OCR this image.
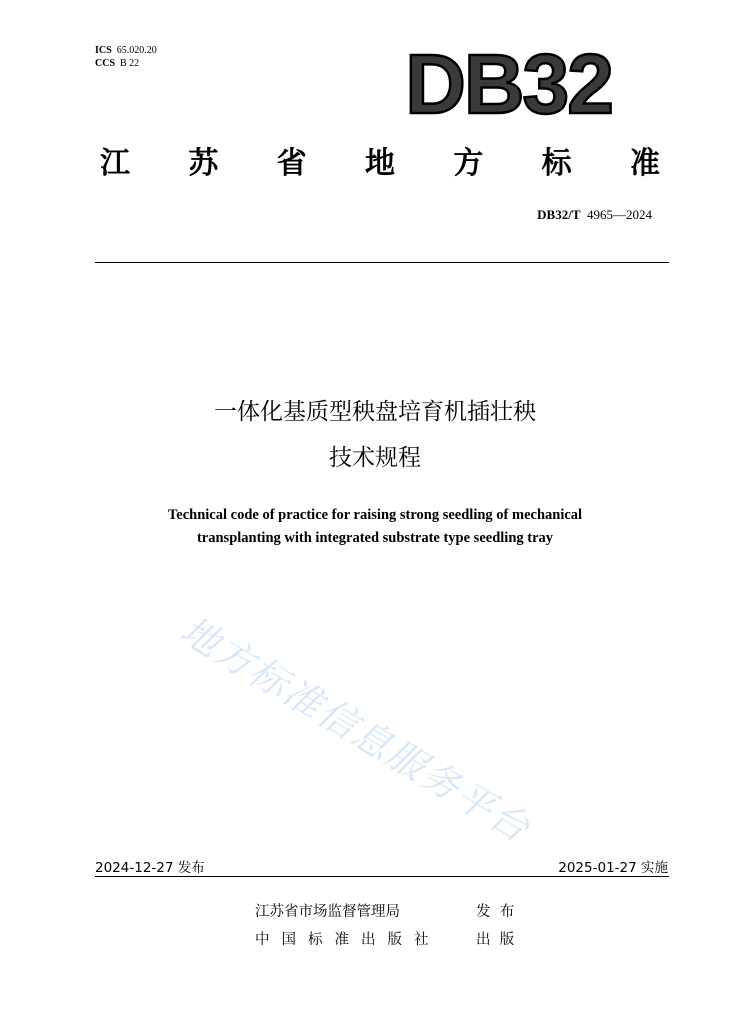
ICS 65.020.20
CCS B 22	DB32
江 苏 省 地 方 标 准
DB32/T 4965—2024
一体化基质型秧盘培育机插壮秧
技术规程
Technical code of practice for raising strong seedling of mechanical
transplanting with integrated substrate type seedling tray
地方标准信息服务平台
2024-12-27 发布	2025-01-27 实施
江苏省市场监督管理局	发  布
中国标准出版社 出  版
